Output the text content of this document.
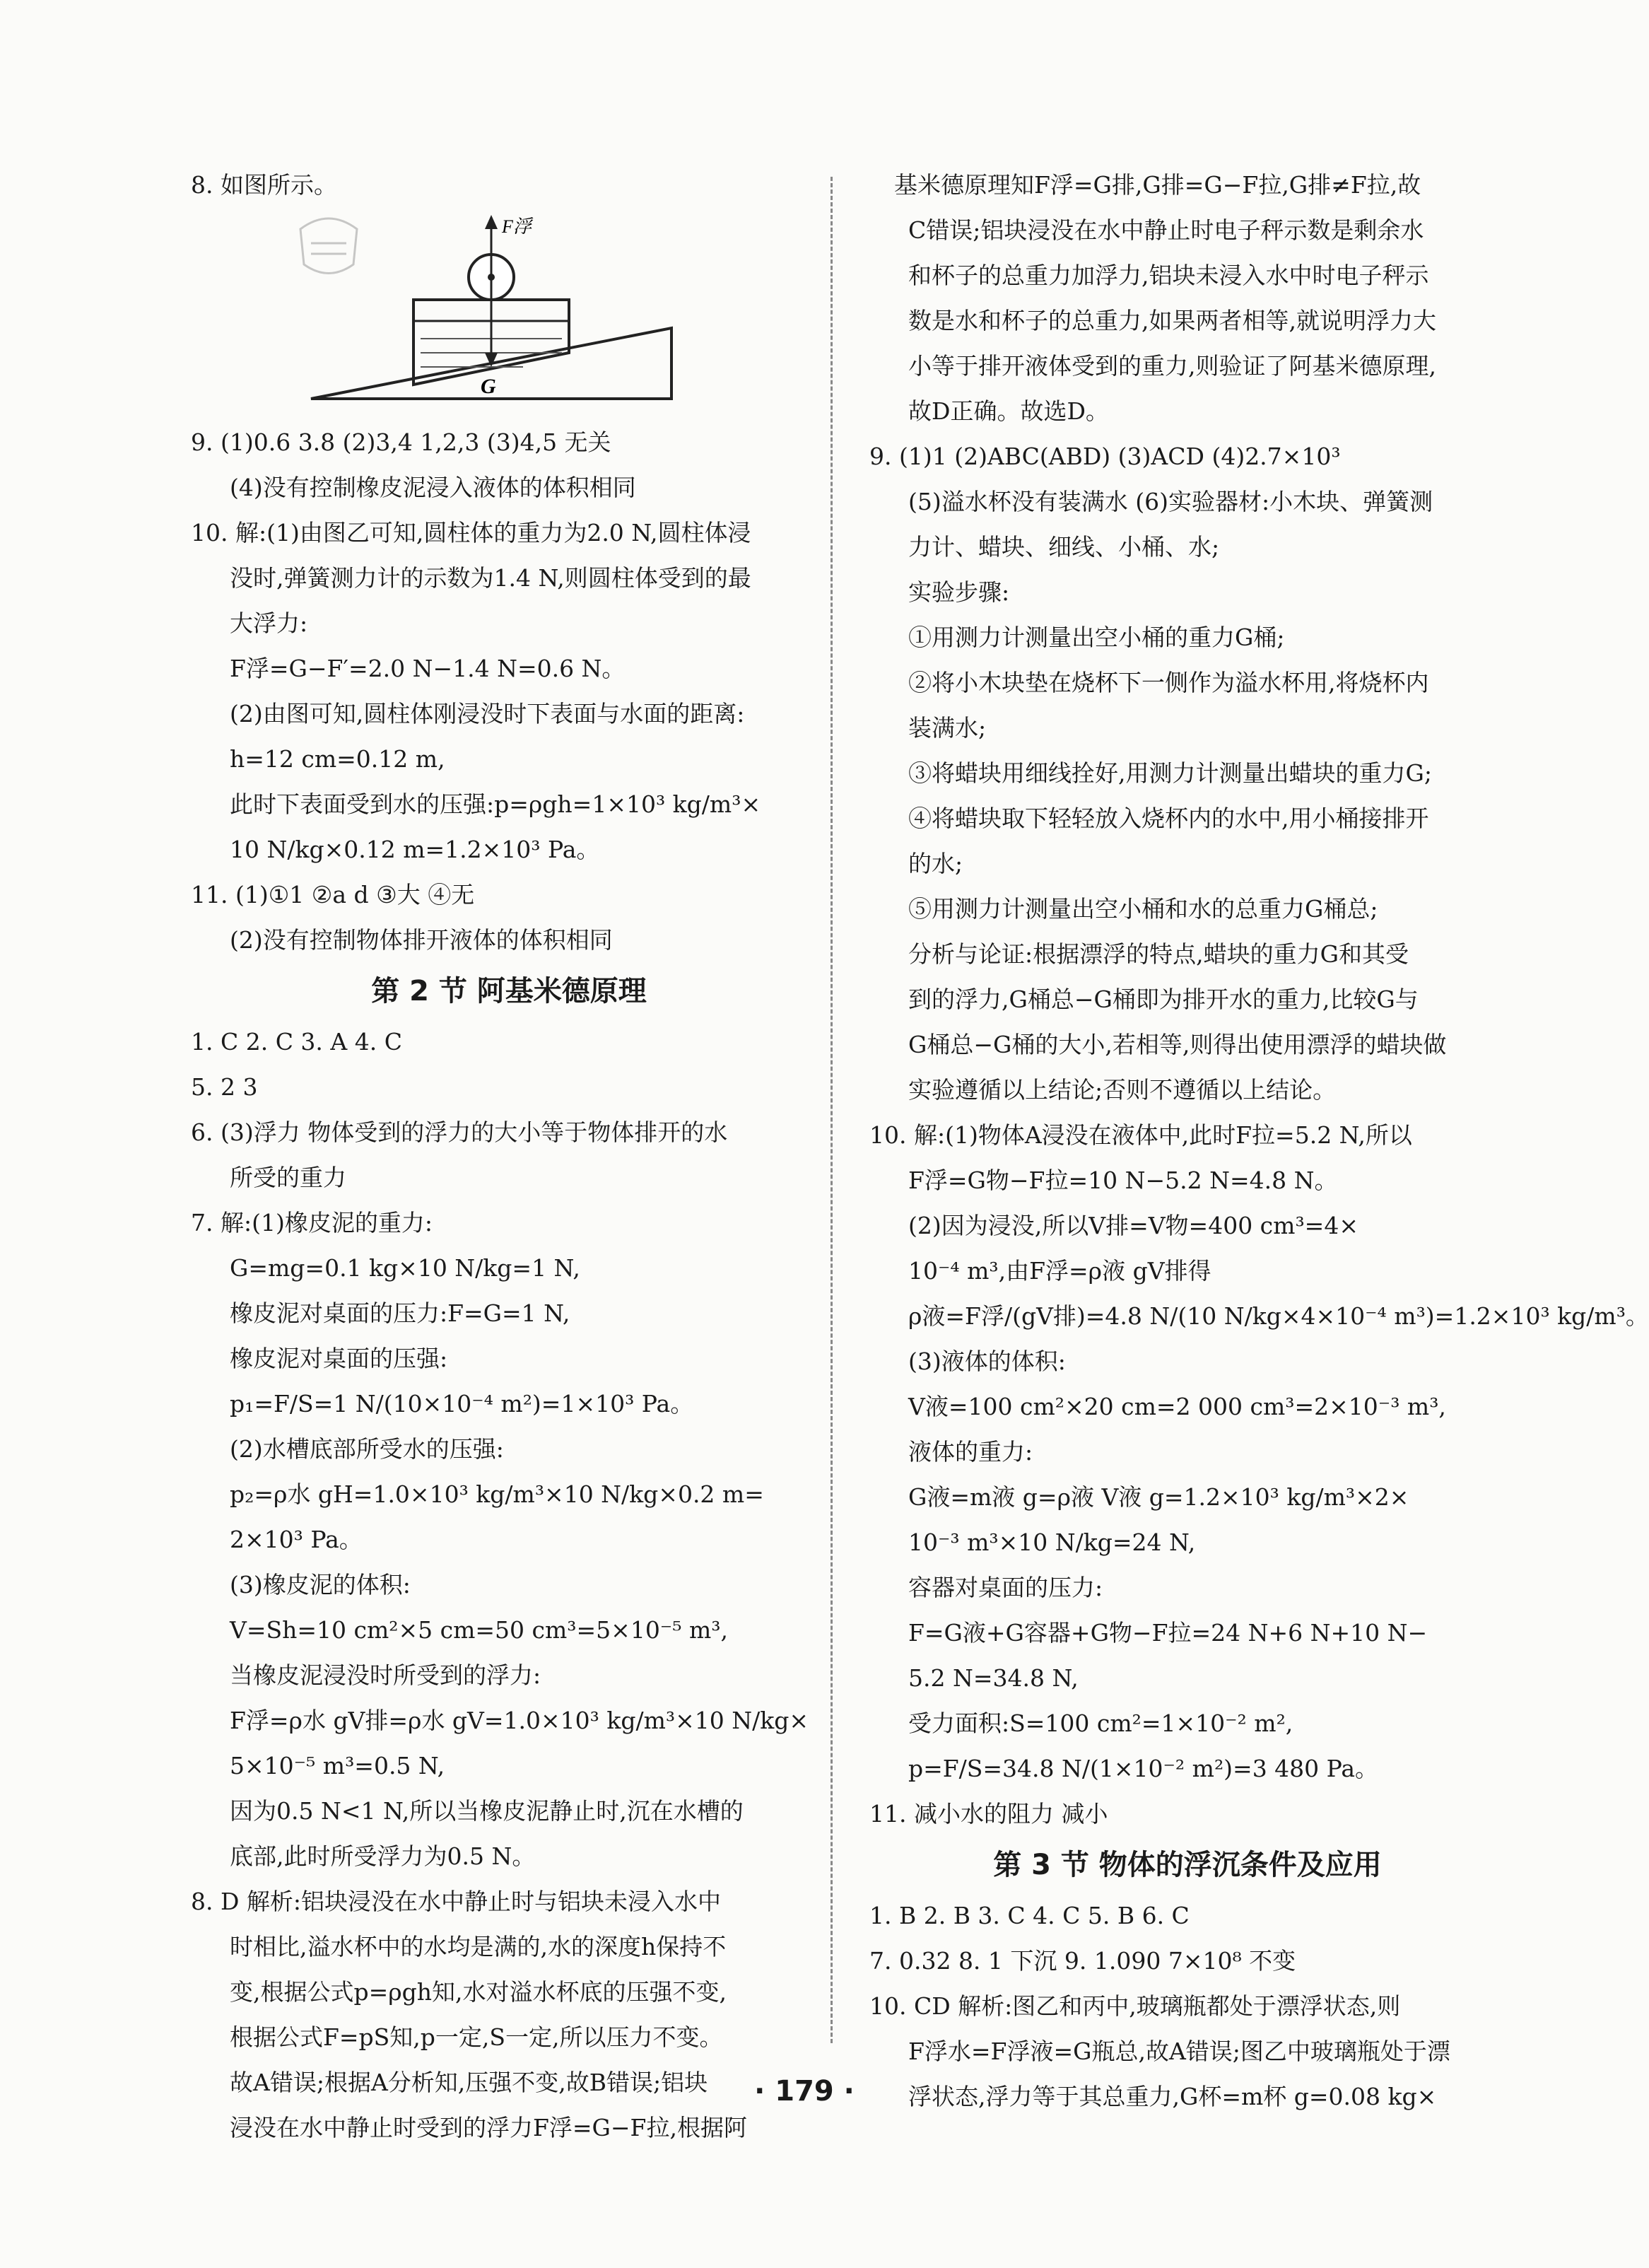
8. 如图所示。
F浮
G
9. (1)0.6 3.8 (2)3,4 1,2,3 (3)4,5 无关
(4)没有控制橡皮泥浸入液体的体积相同
10. 解:(1)由图乙可知,圆柱体的重力为2.0 N,圆柱体浸
没时,弹簧测力计的示数为1.4 N,则圆柱体受到的最
大浮力:
F浮=G−F′=2.0 N−1.4 N=0.6 N。
(2)由图可知,圆柱体刚浸没时下表面与水面的距离:
h=12 cm=0.12 m,
此时下表面受到水的压强:p=ρgh=1×10³ kg/m³×
10 N/kg×0.12 m=1.2×10³ Pa。
11. (1)①1 ②a d ③大 ④无
(2)没有控制物体排开液体的体积相同
第 2 节 阿基米德原理
1. C 2. C 3. A 4. C
5. 2 3
6. (3)浮力 物体受到的浮力的大小等于物体排开的水
所受的重力
7. 解:(1)橡皮泥的重力:
G=mg=0.1 kg×10 N/kg=1 N,
橡皮泥对桌面的压力:F=G=1 N,
橡皮泥对桌面的压强:
p₁=F/S=1 N/(10×10⁻⁴ m²)=1×10³ Pa。
(2)水槽底部所受水的压强:
p₂=ρ水 gH=1.0×10³ kg/m³×10 N/kg×0.2 m=
2×10³ Pa。
(3)橡皮泥的体积:
V=Sh=10 cm²×5 cm=50 cm³=5×10⁻⁵ m³,
当橡皮泥浸没时所受到的浮力:
F浮=ρ水 gV排=ρ水 gV=1.0×10³ kg/m³×10 N/kg×
5×10⁻⁵ m³=0.5 N,
因为0.5 N<1 N,所以当橡皮泥静止时,沉在水槽的
底部,此时所受浮力为0.5 N。
8. D 解析:铝块浸没在水中静止时与铝块未浸入水中
时相比,溢水杯中的水均是满的,水的深度h保持不
变,根据公式p=ρgh知,水对溢水杯底的压强不变,
根据公式F=pS知,p一定,S一定,所以压力不变。
故A错误;根据A分析知,压强不变,故B错误;铝块
浸没在水中静止时受到的浮力F浮=G−F拉,根据阿
基米德原理知F浮=G排,G排=G−F拉,G排≠F拉,故
C错误;铝块浸没在水中静止时电子秤示数是剩余水
和杯子的总重力加浮力,铝块未浸入水中时电子秤示
数是水和杯子的总重力,如果两者相等,就说明浮力大
小等于排开液体受到的重力,则验证了阿基米德原理,
故D正确。故选D。
9. (1)1 (2)ABC(ABD) (3)ACD (4)2.7×10³
(5)溢水杯没有装满水 (6)实验器材:小木块、弹簧测
力计、蜡块、细线、小桶、水;
实验步骤:
①用测力计测量出空小桶的重力G桶;
②将小木块垫在烧杯下一侧作为溢水杯用,将烧杯内
装满水;
③将蜡块用细线拴好,用测力计测量出蜡块的重力G;
④将蜡块取下轻轻放入烧杯内的水中,用小桶接排开
的水;
⑤用测力计测量出空小桶和水的总重力G桶总;
分析与论证:根据漂浮的特点,蜡块的重力G和其受
到的浮力,G桶总−G桶即为排开水的重力,比较G与
G桶总−G桶的大小,若相等,则得出使用漂浮的蜡块做
实验遵循以上结论;否则不遵循以上结论。
10. 解:(1)物体A浸没在液体中,此时F拉=5.2 N,所以
F浮=G物−F拉=10 N−5.2 N=4.8 N。
(2)因为浸没,所以V排=V物=400 cm³=4×
10⁻⁴ m³,由F浮=ρ液 gV排得
ρ液=F浮/(gV排)=4.8 N/(10 N/kg×4×10⁻⁴ m³)=1.2×10³ kg/m³。
(3)液体的体积:
V液=100 cm²×20 cm=2 000 cm³=2×10⁻³ m³,
液体的重力:
G液=m液 g=ρ液 V液 g=1.2×10³ kg/m³×2×
10⁻³ m³×10 N/kg=24 N,
容器对桌面的压力:
F=G液+G容器+G物−F拉=24 N+6 N+10 N−
5.2 N=34.8 N,
受力面积:S=100 cm²=1×10⁻² m²,
p=F/S=34.8 N/(1×10⁻² m²)=3 480 Pa。
11. 减小水的阻力 减小
第 3 节 物体的浮沉条件及应用
1. B 2. B 3. C 4. C 5. B 6. C
7. 0.32 8. 1 下沉 9. 1.090 7×10⁸ 不变
10. CD 解析:图乙和丙中,玻璃瓶都处于漂浮状态,则
F浮水=F浮液=G瓶总,故A错误;图乙中玻璃瓶处于漂
浮状态,浮力等于其总重力,G杯=m杯 g=0.08 kg×
· 179 ·
